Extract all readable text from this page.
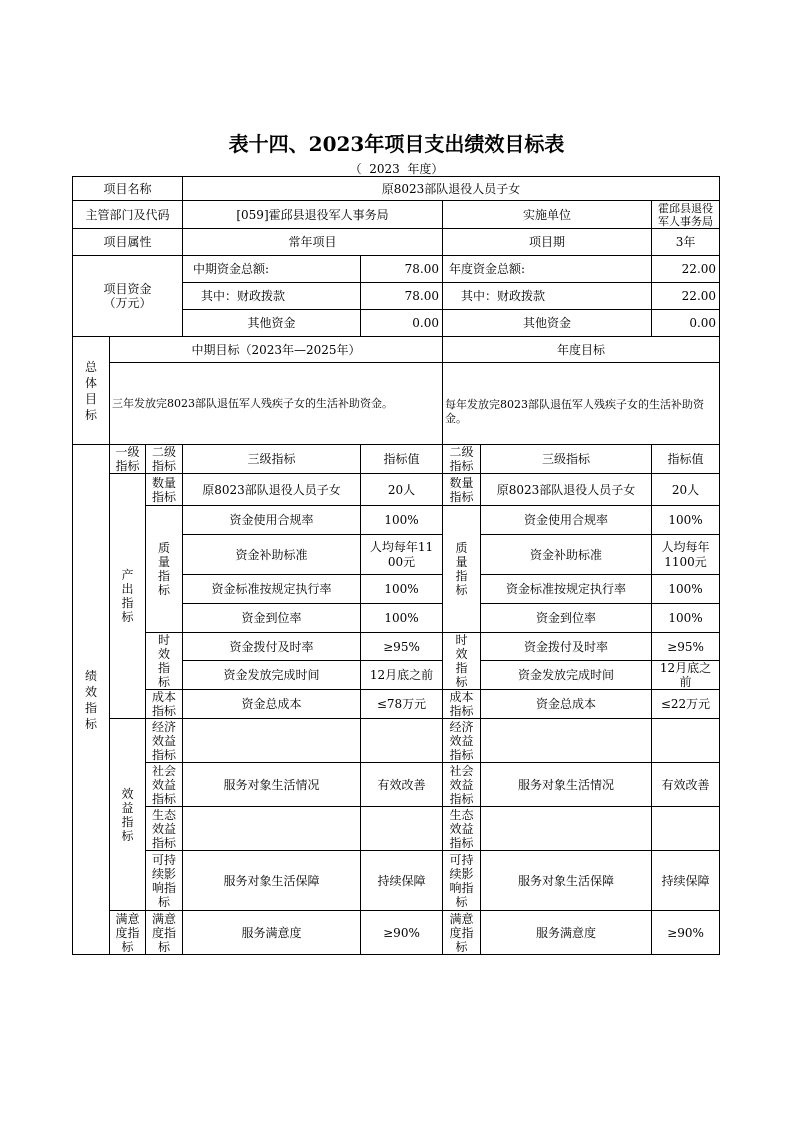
表十四、2023年项目支出绩效目标表
（  2023  年度）
项目名称			原8023部队退役人员子女				
主管部门及代码			[059]霍邱县退役军人事务局		实施单位		霍邱县退役军人事务局
项目属性			常年项目		项目期		3年
项目资金（万元）			中期资金总额:	78.00	年度资金总额:		22.00
			其中：财政拨款	78.00	其中：财政拨款		22.00
			其他资金	0.00	其他资金		0.00
总体目标	中期目标（2023年—2025年）				年度目标		
	三年发放完8023部队退伍军人残疾子女的生活补助资金。				每年发放完8023部队退伍军人残疾子女的生活补助资金。		
绩效指标	一级指标	二级指标	三级指标	指标值	二级指标	三级指标	指标值
	产出指标	数量指标	原8023部队退役人员子女	20人	数量指标	原8023部队退役人员子女	20人
		质量指标	资金使用合规率	100%	质量指标	资金使用合规率	100%
			资金补助标准	人均每年1100元		资金补助标准	人均每年1100元
			资金标准按规定执行率	100%		资金标准按规定执行率	100%
			资金到位率	100%		资金到位率	100%
		时效指标	资金拨付及时率	≥95%	时效指标	资金拨付及时率	≥95%
			资金发放完成时间	12月底之前		资金发放完成时间	12月底之前
		成本指标	资金总成本	≤78万元	成本指标	资金总成本	≤22万元
	效益指标	经济效益指标			经济效益指标		
		社会效益指标	服务对象生活情况	有效改善	社会效益指标	服务对象生活情况	有效改善
		生态效益指标			生态效益指标		
		可持续影响指标	服务对象生活保障	持续保障	可持续影响指标	服务对象生活保障	持续保障
	满意度指标	满意度指标	服务满意度	≥90%	满意度指标	服务满意度	≥90%
